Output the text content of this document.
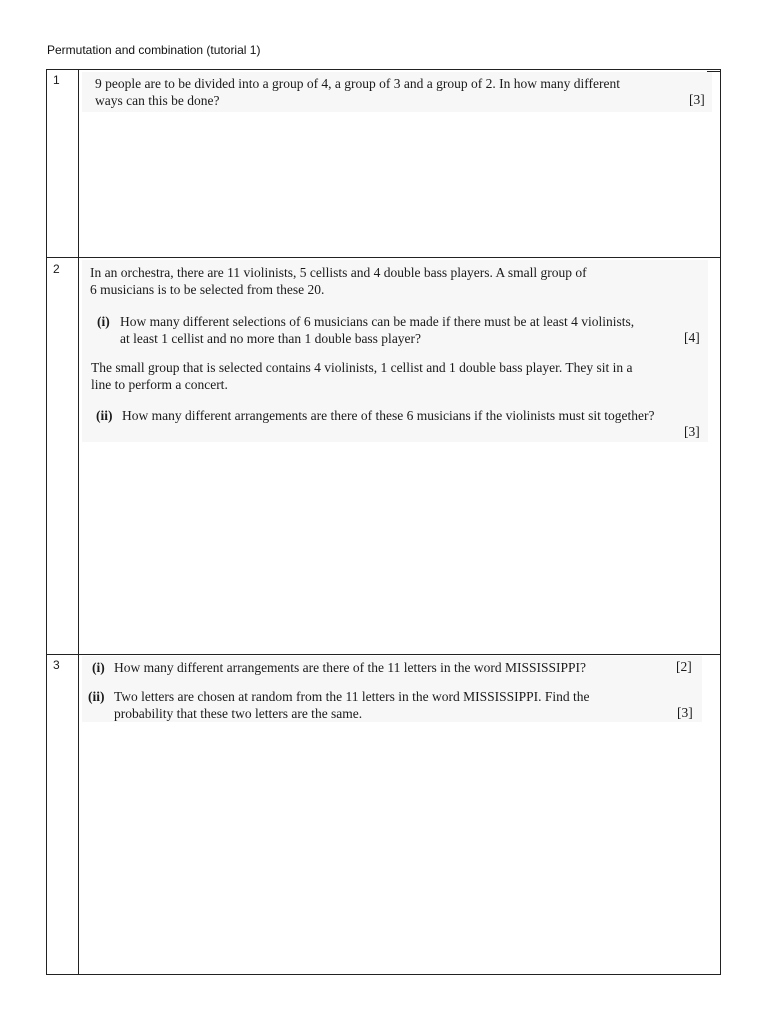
Permutation and combination (tutorial 1)
1	9 people are to be divided into a group of 4, a group of 3 and a group of 2. In how many different

ways can this be done?	[3]
2 In an orchestra, there are 11 violinists, 5 cellists and 4 double bass players. A small group of

6 musicians is to be selected from these 20.

(i) How many different selections of 6 musicians can be made if there must be at least 4 violinists,

at least 1 cellist and no more than 1 double bass player?	[4]

The small group that is selected contains 4 violinists, 1 cellist and 1 double bass player. They sit in a

line to perform a concert.

(ii) How many different arrangements are there of these 6 musicians if the violinists must sit together?

[3]
3 (i) How many different arrangements are there of the 11 letters in the word MISSISSIPPI?	[2]
(ii) Two letters are chosen at random from the 11 letters in the word MISSISSIPPI. Find the

probability that these two letters are the same.	[3]
